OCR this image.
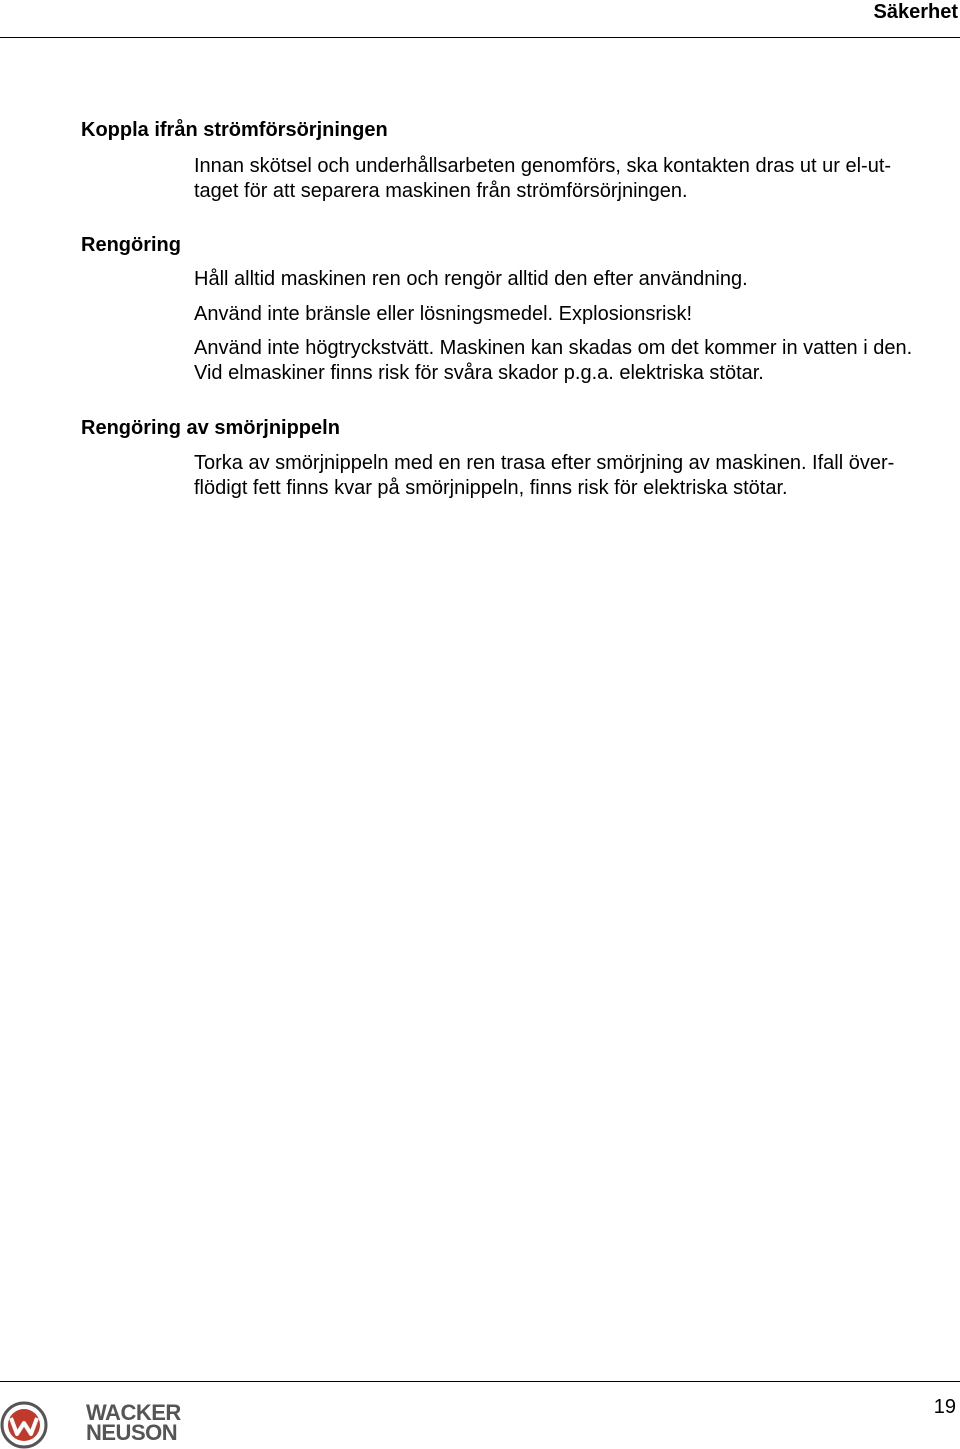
Säkerhet
Koppla ifrån strömförsörjningen
Innan skötsel och underhållsarbeten genomförs, ska kontakten dras ut ur el-ut-
taget för att separera maskinen från strömförsörjningen.
Rengöring
Håll alltid maskinen ren och rengör alltid den efter användning.
Använd inte bränsle eller lösningsmedel. Explosionsrisk!
Använd inte högtryckstvätt. Maskinen kan skadas om det kommer in vatten i den.
Vid elmaskiner finns risk för svåra skador p.g.a. elektriska stötar.
Rengöring av smörjnippeln
Torka av smörjnippeln med en ren trasa efter smörjning av maskinen. Ifall över-
flödigt fett finns kvar på smörjnippeln, finns risk för elektriska stötar.
19
WACKER
NEUSON
